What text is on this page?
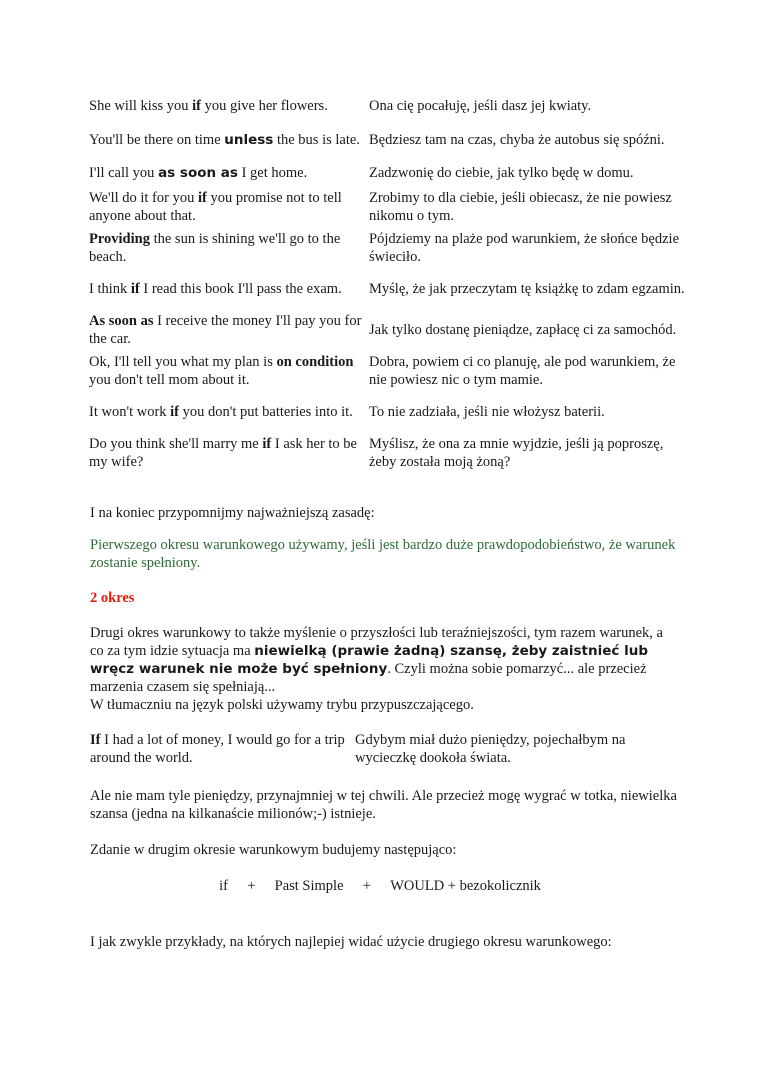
She will kiss you if you give her flowers.	Ona cię pocałuję, jeśli dasz jej kwiaty.
You'll be there on time unless the bus is late.	Będziesz tam na czas, chyba że autobus się spóźni.
I'll call you as soon as I get home.	Zadzwonię do ciebie, jak tylko będę w domu.
We'll do it for you if you promise not to tell anyone about that.	Zrobimy to dla ciebie, jeśli obiecasz, że nie powiesz nikomu o tym.
Providing the sun is shining we'll go to the beach.	Pójdziemy na plaże pod warunkiem, że słońce będzie świeciło.
I think if I read this book I'll pass the exam.	Myślę, że jak przeczytam tę książkę to zdam egzamin.
As soon as I receive the money I'll pay you for the car.	Jak tylko dostanę pieniądze, zapłacę ci za samochód.
Ok, I'll tell you what my plan is on condition you don't tell mom about it.	Dobra, powiem ci co planuję, ale pod warunkiem, że nie powiesz nic o tym mamie.
It won't work if you don't put batteries into it.	To nie zadziała, jeśli nie włożysz baterii.
Do you think she'll marry me if I ask her to be my wife?	Myślisz, że ona za mnie wyjdzie, jeśli ją poproszę, żeby została moją żoną?

I na koniec przypomnijmy najważniejszą zasadę:

Pierwszego okresu warunkowego używamy, jeśli jest bardzo duże prawdopodobieństwo, że warunek zostanie spełniony.

2 okres

Drugi okres warunkowy to także myślenie o przyszłości lub teraźniejszości, tym razem warunek, a co za tym idzie sytuacja ma niewielką (prawie żadną) szansę, żeby zaistnieć lub wręcz warunek nie może być spełniony. Czyli można sobie pomarzyć... ale przecież marzenia czasem się spełniają...
W tłumaczniu na język polski używamy trybu przypuszczającego.
If I had a lot of money, I would go for a trip around the world.	Gdybym miał dużo pieniędzy, pojechałbym na wycieczkę dookoła świata.

Ale nie mam tyle pieniędzy, przynajmniej w tej chwili. Ale przecież mogę wygrać w totka, niewielka szansa (jedna na kilkanaście milionów;-) istnieje.

Zdanie w drugim okresie warunkowym budujemy następująco:

if + Past Simple + WOULD + bezokolicznik

I jak zwykle przykłady, na których najlepiej widać użycie drugiego okresu warunkowego:
